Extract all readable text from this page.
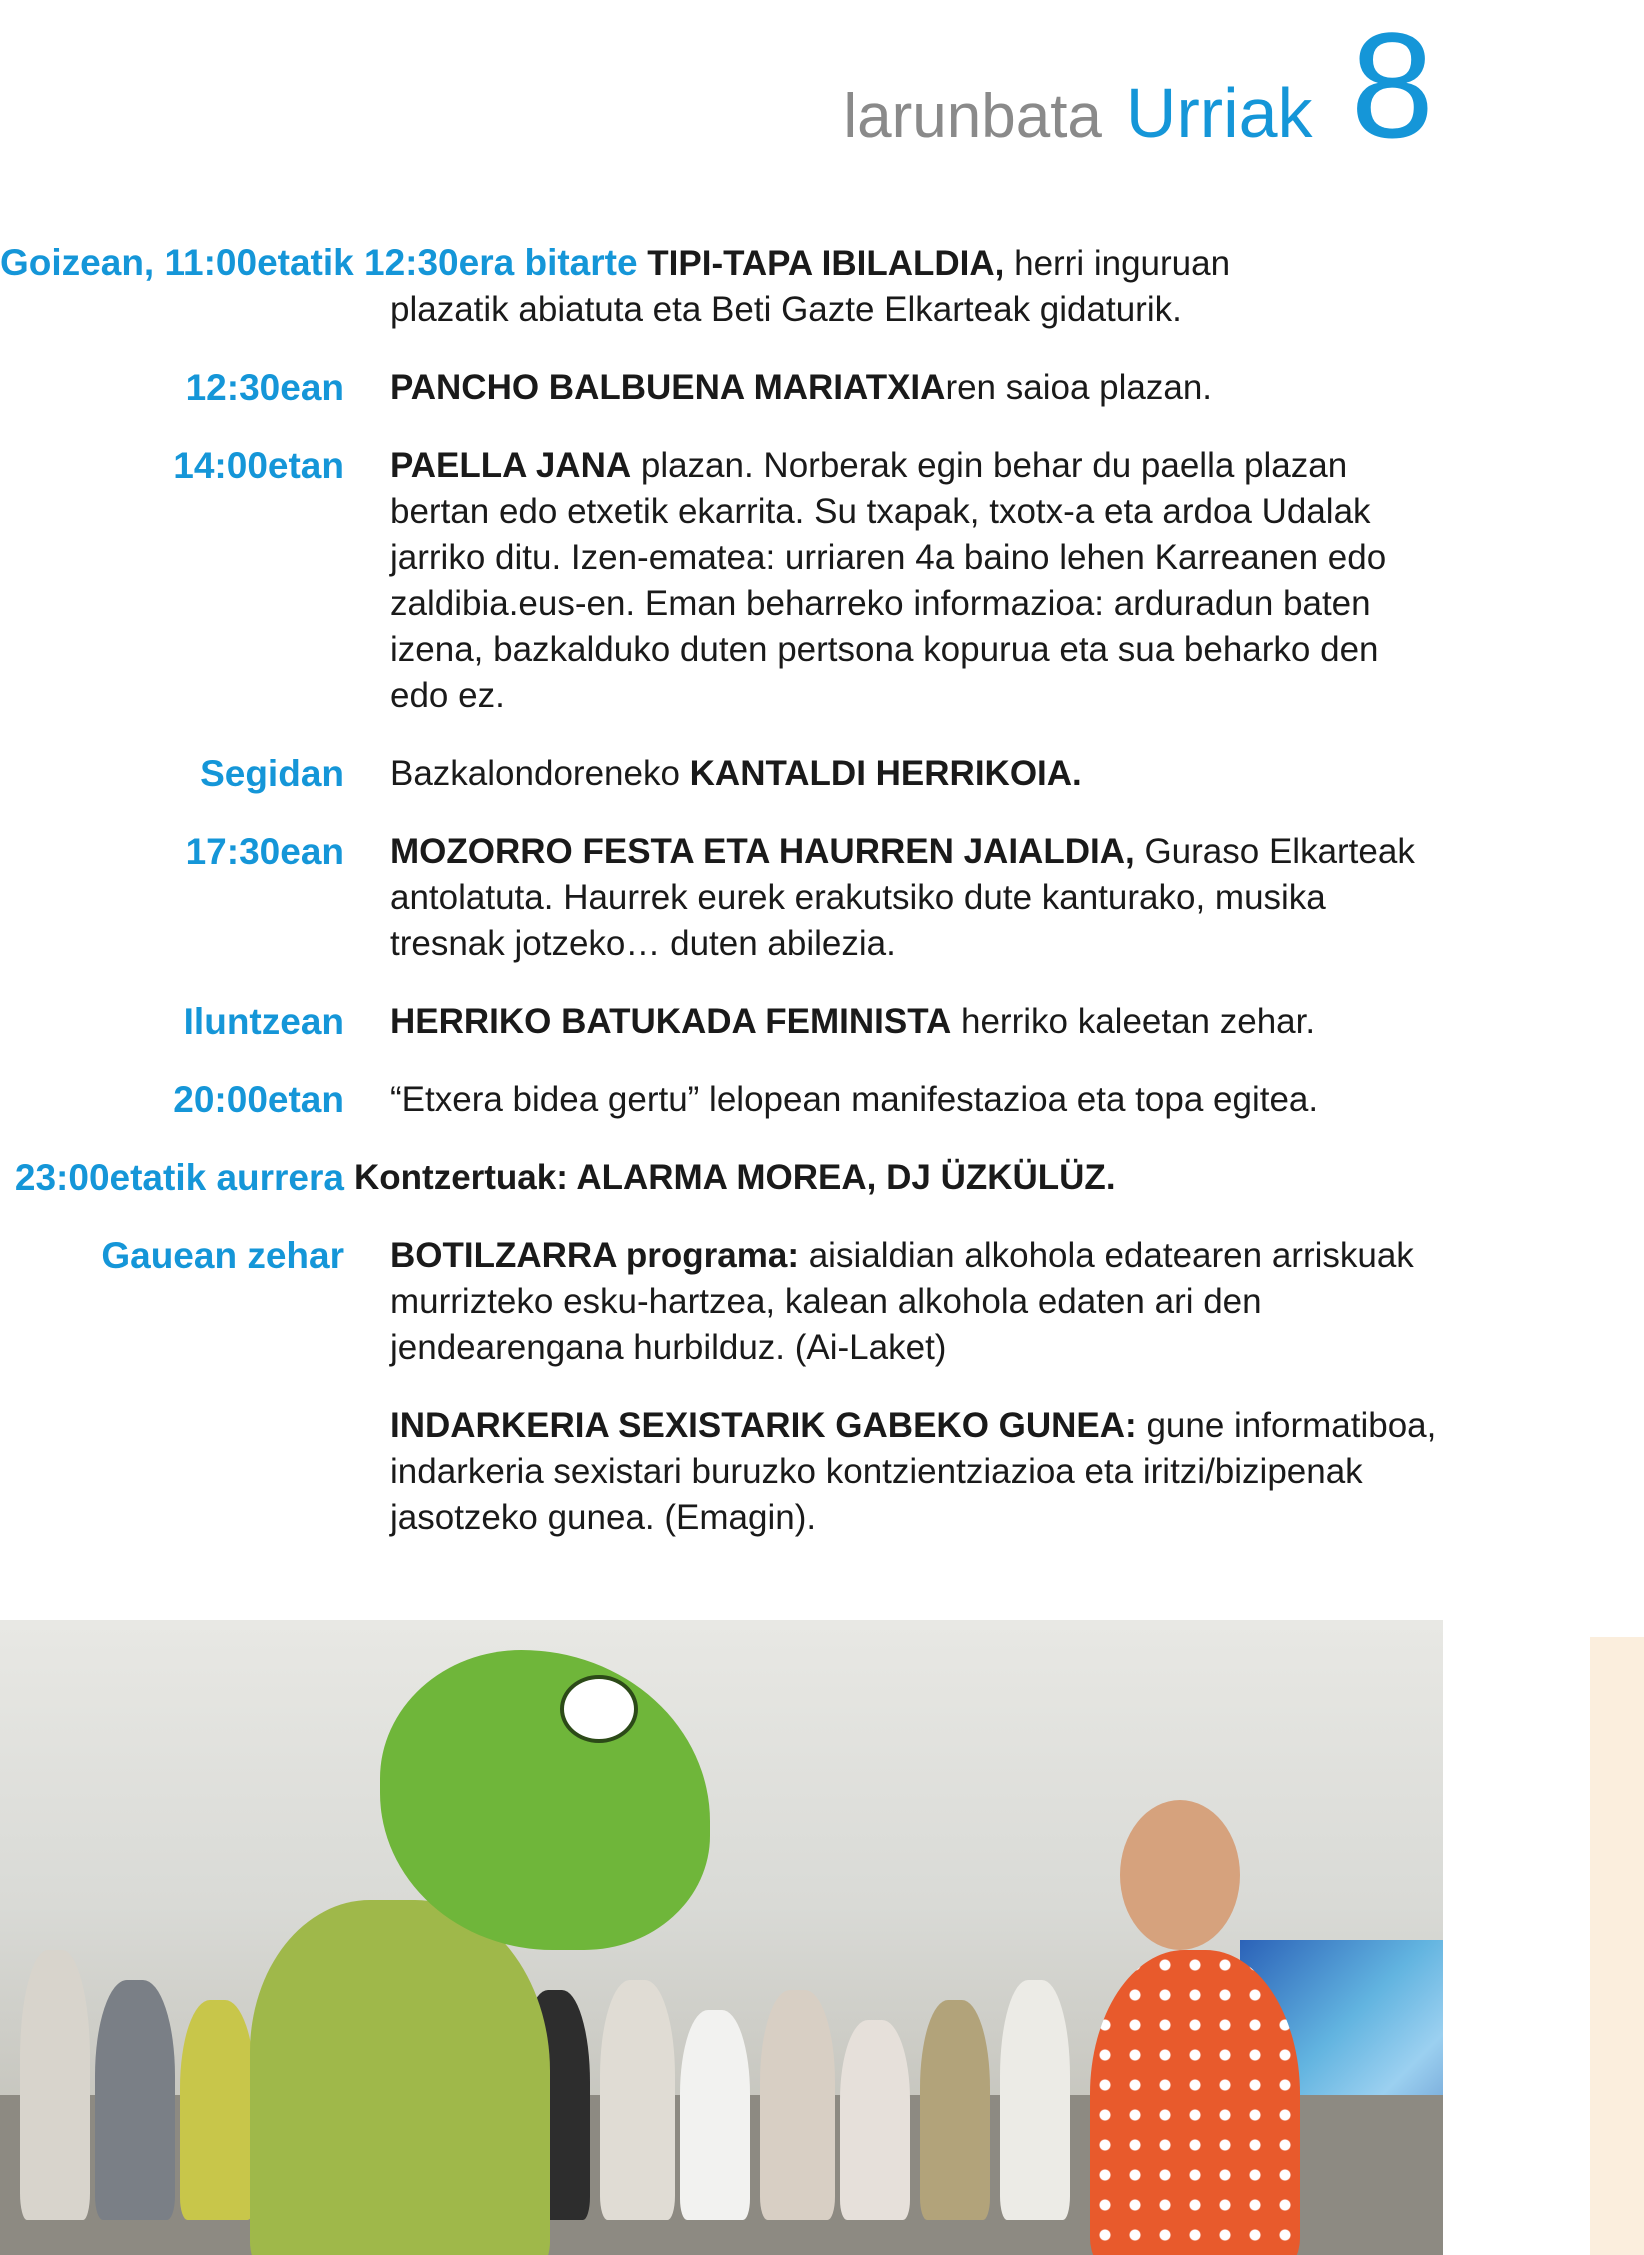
larunbata Urriak 8
Goizean, 11:00etatik 12:30era bitarte TIPI-TAPA IBILALDIA, herri inguruan
plazatik abiatuta eta Beti Gazte Elkarteak gidaturik.
12:30ean PANCHO BALBUENA MARIATXIAren saioa plazan.
14:00etan PAELLA JANA plazan. Norberak egin behar du paella plazan bertan edo etxetik ekarrita. Su txapak, txotx-a eta ardoa Udalak jarriko ditu. Izen-ematea: urriaren 4a baino lehen Karreanen edo zaldibia.eus-en. Eman beharreko informazioa: arduradun baten izena, bazkalduko duten pertsona kopurua eta sua beharko den edo ez.
Segidan Bazkalondoreneko KANTALDI HERRIKOIA.
17:30ean MOZORRO FESTA ETA HAURREN JAIALDIA, Guraso Elkarteak antolatuta. Haurrek eurek erakutsiko dute kanturako, musika tresnak jotzeko… duten abilezia.
Iluntzean HERRIKO BATUKADA FEMINISTA herriko kaleetan zehar.
20:00etan “Etxera bidea gertu” lelopean manifestazioa eta topa egitea.
23:00etatik aurrera Kontzertuak: ALARMA MOREA, DJ ÜZKÜLÜZ.
Gauean zehar BOTILZARRA programa: aisialdian alkohola edatearen arriskuak murrizteko esku-hartzea, kalean alkohola edaten ari den jendearengana hurbilduz. (Ai-Laket)
INDARKERIA SEXISTARIK GABEKO GUNEA: gune informatiboa, indarkeria sexistari buruzko kontzientziazioa eta iritzi/bizipenak jasotzeko gunea. (Emagin).
